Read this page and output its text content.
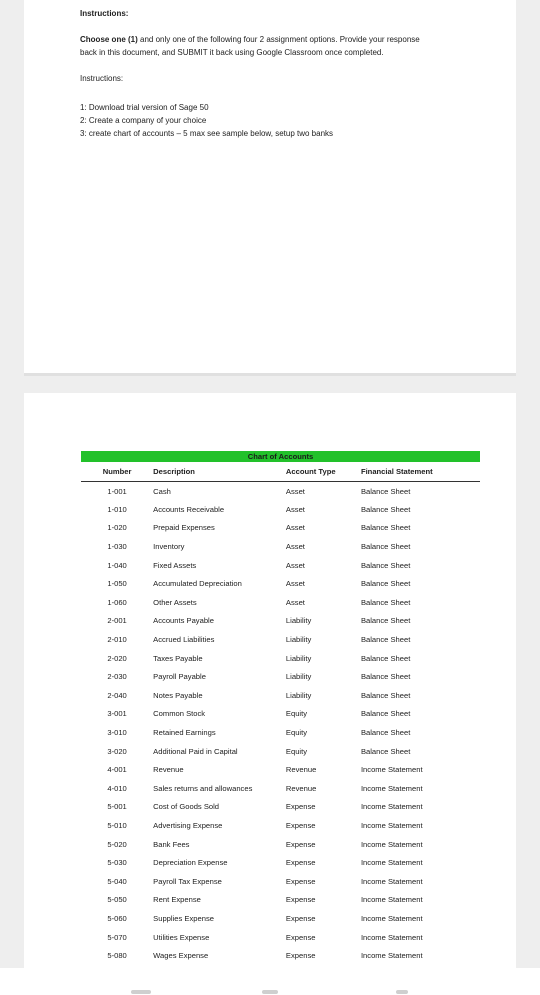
Instructions:
Choose one (1) and only one of the following four 2 assignment options. Provide your response
back in this document, and SUBMIT it back using Google Classroom once completed.
Instructions:
1: Download trial version of Sage 50
2: Create a company of your choice
3: create chart of accounts – 5 max see sample below, setup two banks
Chart of Accounts			
Number	Description	Account Type	Financial Statement
1-001	Cash	Asset	Balance Sheet
1-010	Accounts Receivable	Asset	Balance Sheet
1-020	Prepaid Expenses	Asset	Balance Sheet
1-030	Inventory	Asset	Balance Sheet
1-040	Fixed Assets	Asset	Balance Sheet
1-050	Accumulated Depreciation	Asset	Balance Sheet
1-060	Other Assets	Asset	Balance Sheet
2-001	Accounts Payable	Liability	Balance Sheet
2-010	Accrued Liabilities	Liability	Balance Sheet
2-020	Taxes Payable	Liability	Balance Sheet
2-030	Payroll Payable	Liability	Balance Sheet
2-040	Notes Payable	Liability	Balance Sheet
3-001	Common Stock	Equity	Balance Sheet
3-010	Retained Earnings	Equity	Balance Sheet
3-020	Additional Paid in Capital	Equity	Balance Sheet
4-001	Revenue	Revenue	Income Statement
4-010	Sales returns and allowances	Revenue	Income Statement
5-001	Cost of Goods Sold	Expense	Income Statement
5-010	Advertising Expense	Expense	Income Statement
5-020	Bank Fees	Expense	Income Statement
5-030	Depreciation Expense	Expense	Income Statement
5-040	Payroll Tax Expense	Expense	Income Statement
5-050	Rent Expense	Expense	Income Statement
5-060	Supplies Expense	Expense	Income Statement
5-070	Utilities Expense	Expense	Income Statement
5-080	Wages Expense	Expense	Income Statement
